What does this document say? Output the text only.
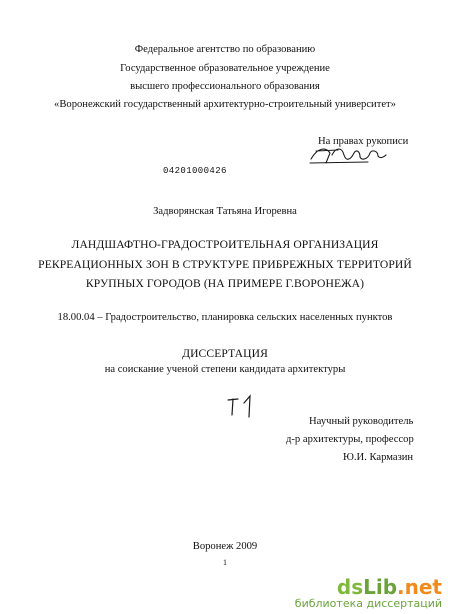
Федеральное агентство по образованию
Государственное образовательное учреждение
высшего профессионального образования
«Воронежский государственный архитектурно-строительный университет»
На правах рукописи
04201000426
Задворянская Татьяна Игоревна
ЛАНДШАФТНО-ГРАДОСТРОИТЕЛЬНАЯ ОРГАНИЗАЦИЯ
РЕКРЕАЦИОННЫХ ЗОН В СТРУКТУРЕ ПРИБРЕЖНЫХ ТЕРРИТОРИЙ
КРУПНЫХ ГОРОДОВ (НА ПРИМЕРЕ Г.ВОРОНЕЖА)
18.00.04 – Градостроительство, планировка сельских населенных пунктов
ДИССЕРТАЦИЯ
на соискание ученой степени кандидата архитектуры
Научный руководитель
д-р архитектуры, профессор
Ю.И. Кармазин
Воронеж 2009
1
dsLib.net
библиотека диссертаций
